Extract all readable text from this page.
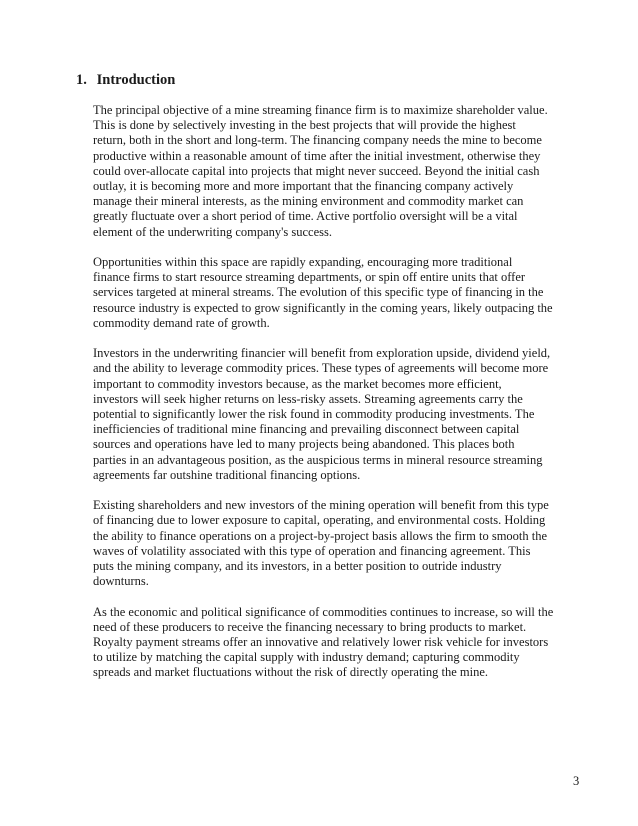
1. Introduction

The principal objective of a mine streaming finance firm is to maximize shareholder value.
This is done by selectively investing in the best projects that will provide the highest
return, both in the short and long-term. The financing company needs the mine to become
productive within a reasonable amount of time after the initial investment, otherwise they
could over-allocate capital into projects that might never succeed. Beyond the initial cash
outlay, it is becoming more and more important that the financing company actively
manage their mineral interests, as the mining environment and commodity market can
greatly fluctuate over a short period of time. Active portfolio oversight will be a vital
element of the underwriting company's success.

Opportunities within this space are rapidly expanding, encouraging more traditional
finance firms to start resource streaming departments, or spin off entire units that offer
services targeted at mineral streams. The evolution of this specific type of financing in the
resource industry is expected to grow significantly in the coming years, likely outpacing the
commodity demand rate of growth.

Investors in the underwriting financier will benefit from exploration upside, dividend yield,
and the ability to leverage commodity prices. These types of agreements will become more
important to commodity investors because, as the market becomes more efficient,
investors will seek higher returns on less-risky assets. Streaming agreements carry the
potential to significantly lower the risk found in commodity producing investments. The
inefficiencies of traditional mine financing and prevailing disconnect between capital
sources and operations have led to many projects being abandoned. This places both
parties in an advantageous position, as the auspicious terms in mineral resource streaming
agreements far outshine traditional financing options.

Existing shareholders and new investors of the mining operation will benefit from this type
of financing due to lower exposure to capital, operating, and environmental costs. Holding
the ability to finance operations on a project-by-project basis allows the firm to smooth the
waves of volatility associated with this type of operation and financing agreement. This
puts the mining company, and its investors, in a better position to outride industry
downturns.

As the economic and political significance of commodities continues to increase, so will the
need of these producers to receive the financing necessary to bring products to market.
Royalty payment streams offer an innovative and relatively lower risk vehicle for investors
to utilize by matching the capital supply with industry demand; capturing commodity
spreads and market fluctuations without the risk of directly operating the mine.

3
